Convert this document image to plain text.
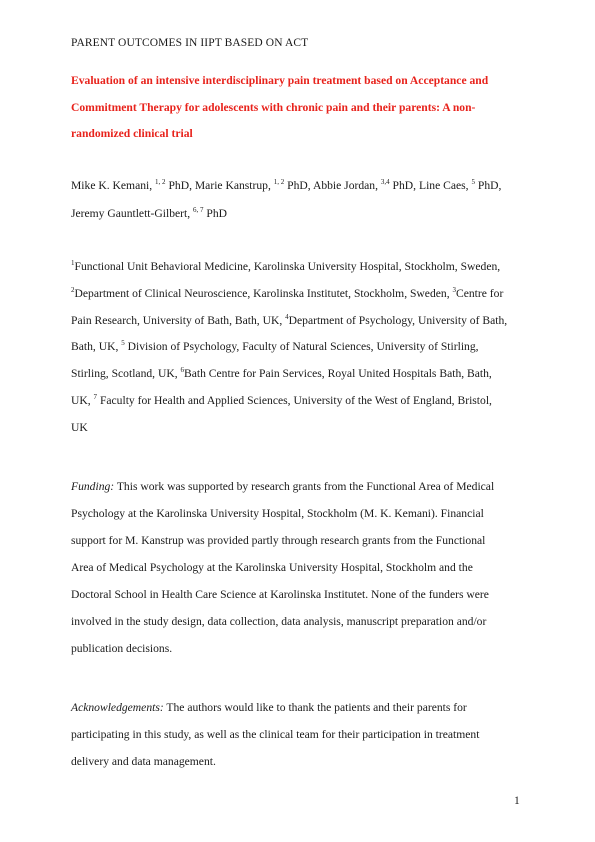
PARENT OUTCOMES IN IIPT BASED ON ACT
Evaluation of an intensive interdisciplinary pain treatment based on Acceptance and
Commitment Therapy for adolescents with chronic pain and their parents: A non-
randomized clinical trial
Mike K. Kemani, $^{1, 2}$ PhD, Marie Kanstrup, $^{1, 2}$ PhD, Abbie Jordan, $^{3,4}$ PhD, Line Caes, $^5$ PhD,
Jeremy Gauntlett-Gilbert, $^{6, 7}$ PhD
$^1$Functional Unit Behavioral Medicine, Karolinska University Hospital, Stockholm, Sweden,
$^2$Department of Clinical Neuroscience, Karolinska Institutet, Stockholm, Sweden, $^3$Centre for
Pain Research, University of Bath, Bath, UK, $^4$Department of Psychology, University of Bath,
Bath, UK, $^5$ Division of Psychology, Faculty of Natural Sciences, University of Stirling,
Stirling, Scotland, UK, $^6$Bath Centre for Pain Services, Royal United Hospitals Bath, Bath,
UK, $^7$ Faculty for Health and Applied Sciences, University of the West of England, Bristol,
UK
Funding: This work was supported by research grants from the Functional Area of Medical
Psychology at the Karolinska University Hospital, Stockholm (M. K. Kemani). Financial
support for M. Kanstrup was provided partly through research grants from the Functional
Area of Medical Psychology at the Karolinska University Hospital, Stockholm and the
Doctoral School in Health Care Science at Karolinska Institutet. None of the funders were
involved in the study design, data collection, data analysis, manuscript preparation and/or
publication decisions.
Acknowledgements: The authors would like to thank the patients and their parents for
participating in this study, as well as the clinical team for their participation in treatment
delivery and data management.
1
